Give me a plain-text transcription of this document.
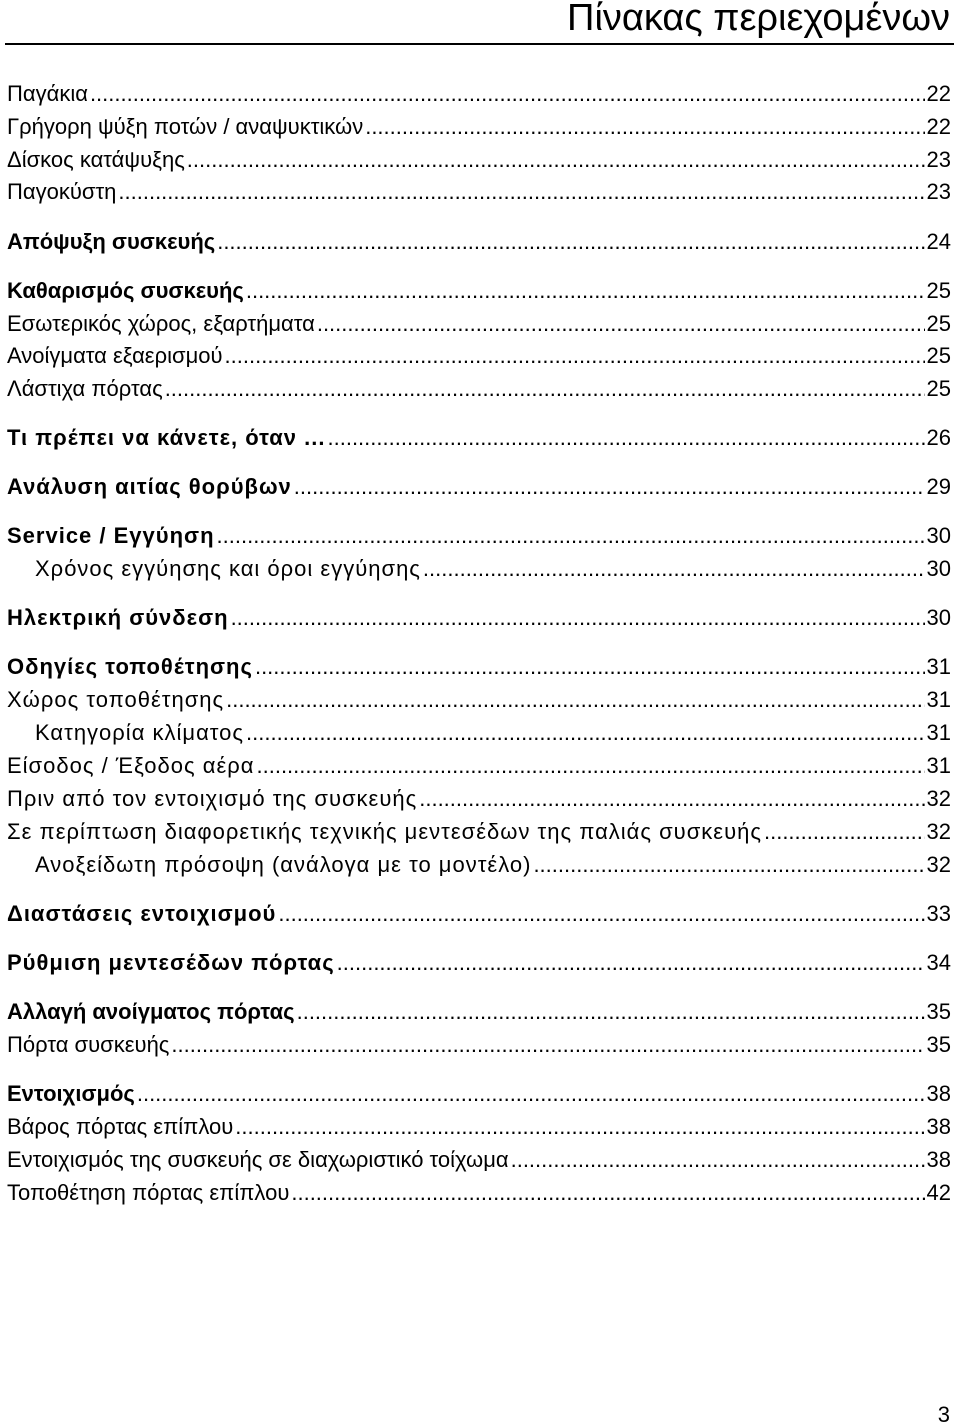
Πίνακας περιεχομένων
Παγάκια .....	22
Γρήγορη ψύξη ποτών / αναψυκτικών .....	22
Δίσκος κατάψυξης .....	23
Παγοκύστη .....	23
Απόψυξη συσκευής .....	24
Καθαρισμός συσκευής .....	25
Εσωτερικός χώρος, εξαρτήματα .....	25
Ανοίγματα εξαερισμού .....	25
Λάστιχα πόρτας .....	25
Τι πρέπει να κάνετε, όταν ... .....	26
Ανάλυση αιτίας θορύβων .....	29
Service / Εγγύηση .....	30
Χρόνος εγγύησης και όροι εγγύησης .....	30
Ηλεκτρική σύνδεση .....	30
Οδηγίες τοποθέτησης .....	31
Χώρος τοποθέτησης .....	31
Κατηγορία κλίματος .....	31
Είσοδος / Έξοδος αέρα .....	31
Πριν από τον εντοιχισμό της συσκευής .....	32
Σε περίπτωση διαφορετικής τεχνικής μεντεσέδων της παλιάς συσκευής .....	32
Ανοξείδωτη πρόσοψη (ανάλογα με το μοντέλο) .....	32
Διαστάσεις εντοιχισμού .....	33
Ρύθμιση μεντεσέδων πόρτας .....	34
Αλλαγή ανοίγματος πόρτας .....	35
Πόρτα συσκευής .....	35
Εντοιχισμός .....	38
Βάρος πόρτας επίπλου .....	38
Εντοιχισμός της συσκευής σε διαχωριστικό τοίχωμα .....	38
Τοποθέτηση πόρτας επίπλου .....	42
3
